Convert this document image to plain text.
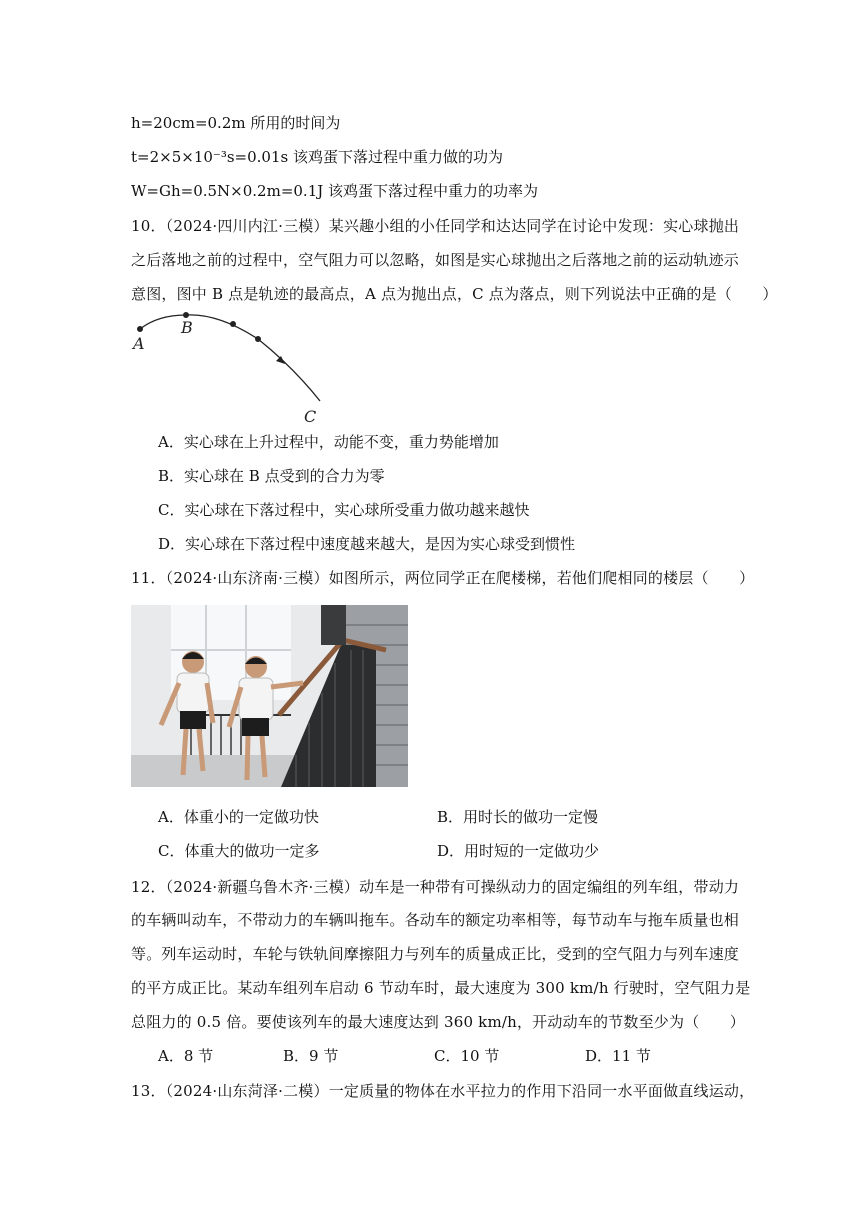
h=20cm=0.2m 所用的时间为
t=2×5×10⁻³s=0.01s 该鸡蛋下落过程中重力做的功为
W=Gh=0.5N×0.2m=0.1J 该鸡蛋下落过程中重力的功率为
10．（2024·四川内江·三模）某兴趣小组的小任同学和达达同学在讨论中发现：实心球抛出
之后落地之前的过程中，空气阻力可以忽略，如图是实心球抛出之后落地之前的运动轨迹示
意图，图中 B 点是轨迹的最高点，A 点为抛出点，C 点为落点，则下列说法中正确的是（　　）
A
B
C
A．实心球在上升过程中，动能不变，重力势能增加
B．实心球在 B 点受到的合力为零
C．实心球在下落过程中，实心球所受重力做功越来越快
D．实心球在下落过程中速度越来越大，是因为实心球受到惯性
11．（2024·山东济南·三模）如图所示，两位同学正在爬楼梯，若他们爬相同的楼层（　　）
A．体重小的一定做功快	B．用时长的做功一定慢
C．体重大的做功一定多	D．用时短的一定做功少
12．（2024·新疆乌鲁木齐·三模）动车是一种带有可操纵动力的固定编组的列车组，带动力
的车辆叫动车，不带动力的车辆叫拖车。各动车的额定功率相等，每节动车与拖车质量也相
等。列车运动时，车轮与铁轨间摩擦阻力与列车的质量成正比，受到的空气阻力与列车速度
的平方成正比。某动车组列车启动 6 节动车时，最大速度为 300 km/h 行驶时，空气阻力是
总阻力的 0.5 倍。要使该列车的最大速度达到 360 km/h，开动动车的节数至少为（　　）
A．8 节	B．9 节	C．10 节	D．11 节
13．（2024·山东菏泽·二模）一定质量的物体在水平拉力的作用下沿同一水平面做直线运动，
